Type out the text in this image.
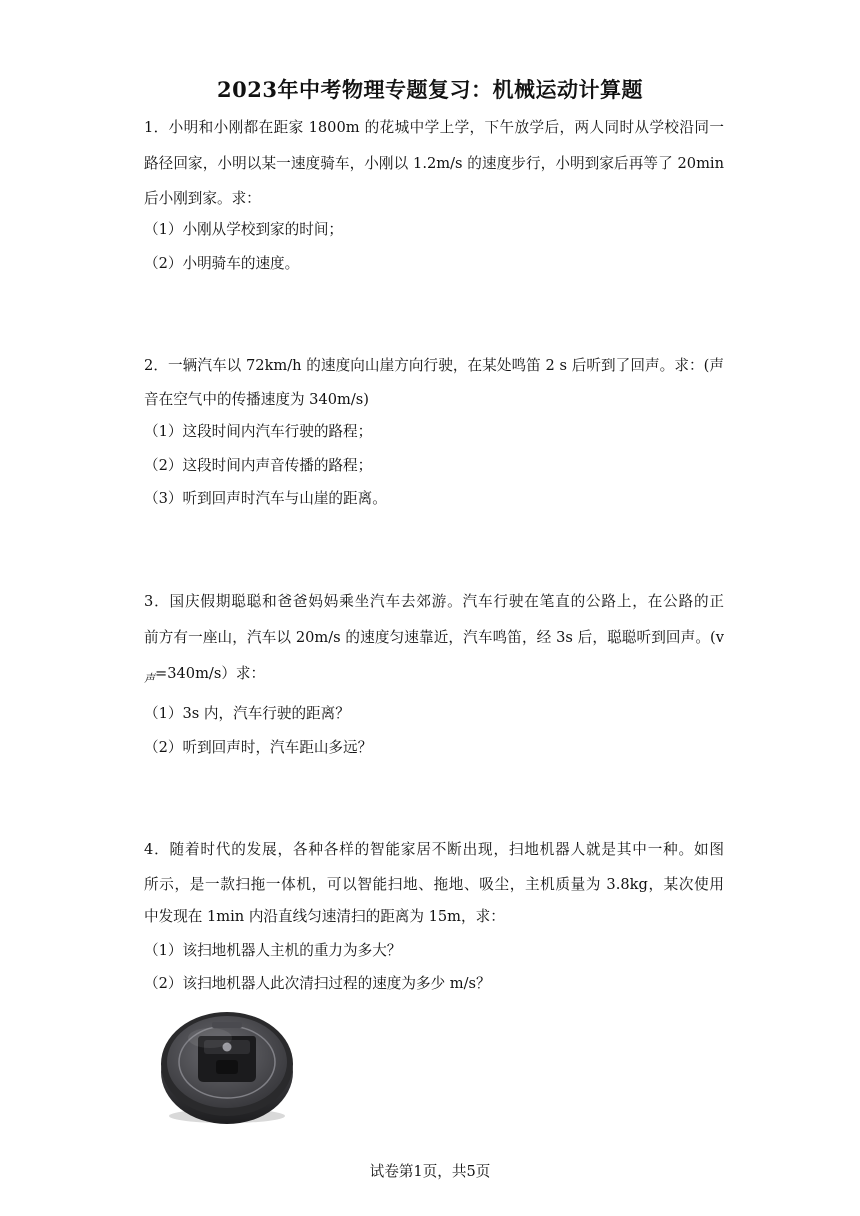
2023年中考物理专题复习：机械运动计算题
1．小明和小刚都在距家 1800m 的花城中学上学，下午放学后，两人同时从学校沿同一
路径回家，小明以某一速度骑车，小刚以 1.2m/s 的速度步行，小明到家后再等了 20min
后小刚到家。求：
（1）小刚从学校到家的时间；
（2）小明骑车的速度。
2．一辆汽车以 72km/h 的速度向山崖方向行驶，在某处鸣笛 2 s 后听到了回声。求：(声
音在空气中的传播速度为 340m/s)
（1）这段时间内汽车行驶的路程；
（2）这段时间内声音传播的路程；
（3）听到回声时汽车与山崖的距离。
3．国庆假期聪聪和爸爸妈妈乘坐汽车去郊游。汽车行驶在笔直的公路上，在公路的正
前方有一座山，汽车以 20m/s 的速度匀速靠近，汽车鸣笛，经 3s 后，聪聪听到回声。(v
$_声$=340m/s）求：
（1）3s 内，汽车行驶的距离？
（2）听到回声时，汽车距山多远？
4．随着时代的发展，各种各样的智能家居不断出现，扫地机器人就是其中一种。如图
所示，是一款扫拖一体机，可以智能扫地、拖地、吸尘，主机质量为 3.8kg，某次使用
中发现在 1min 内沿直线匀速清扫的距离为 15m，求：
（1）该扫地机器人主机的重力为多大？
（2）该扫地机器人此次清扫过程的速度为多少 m/s？
试卷第1页，共5页
